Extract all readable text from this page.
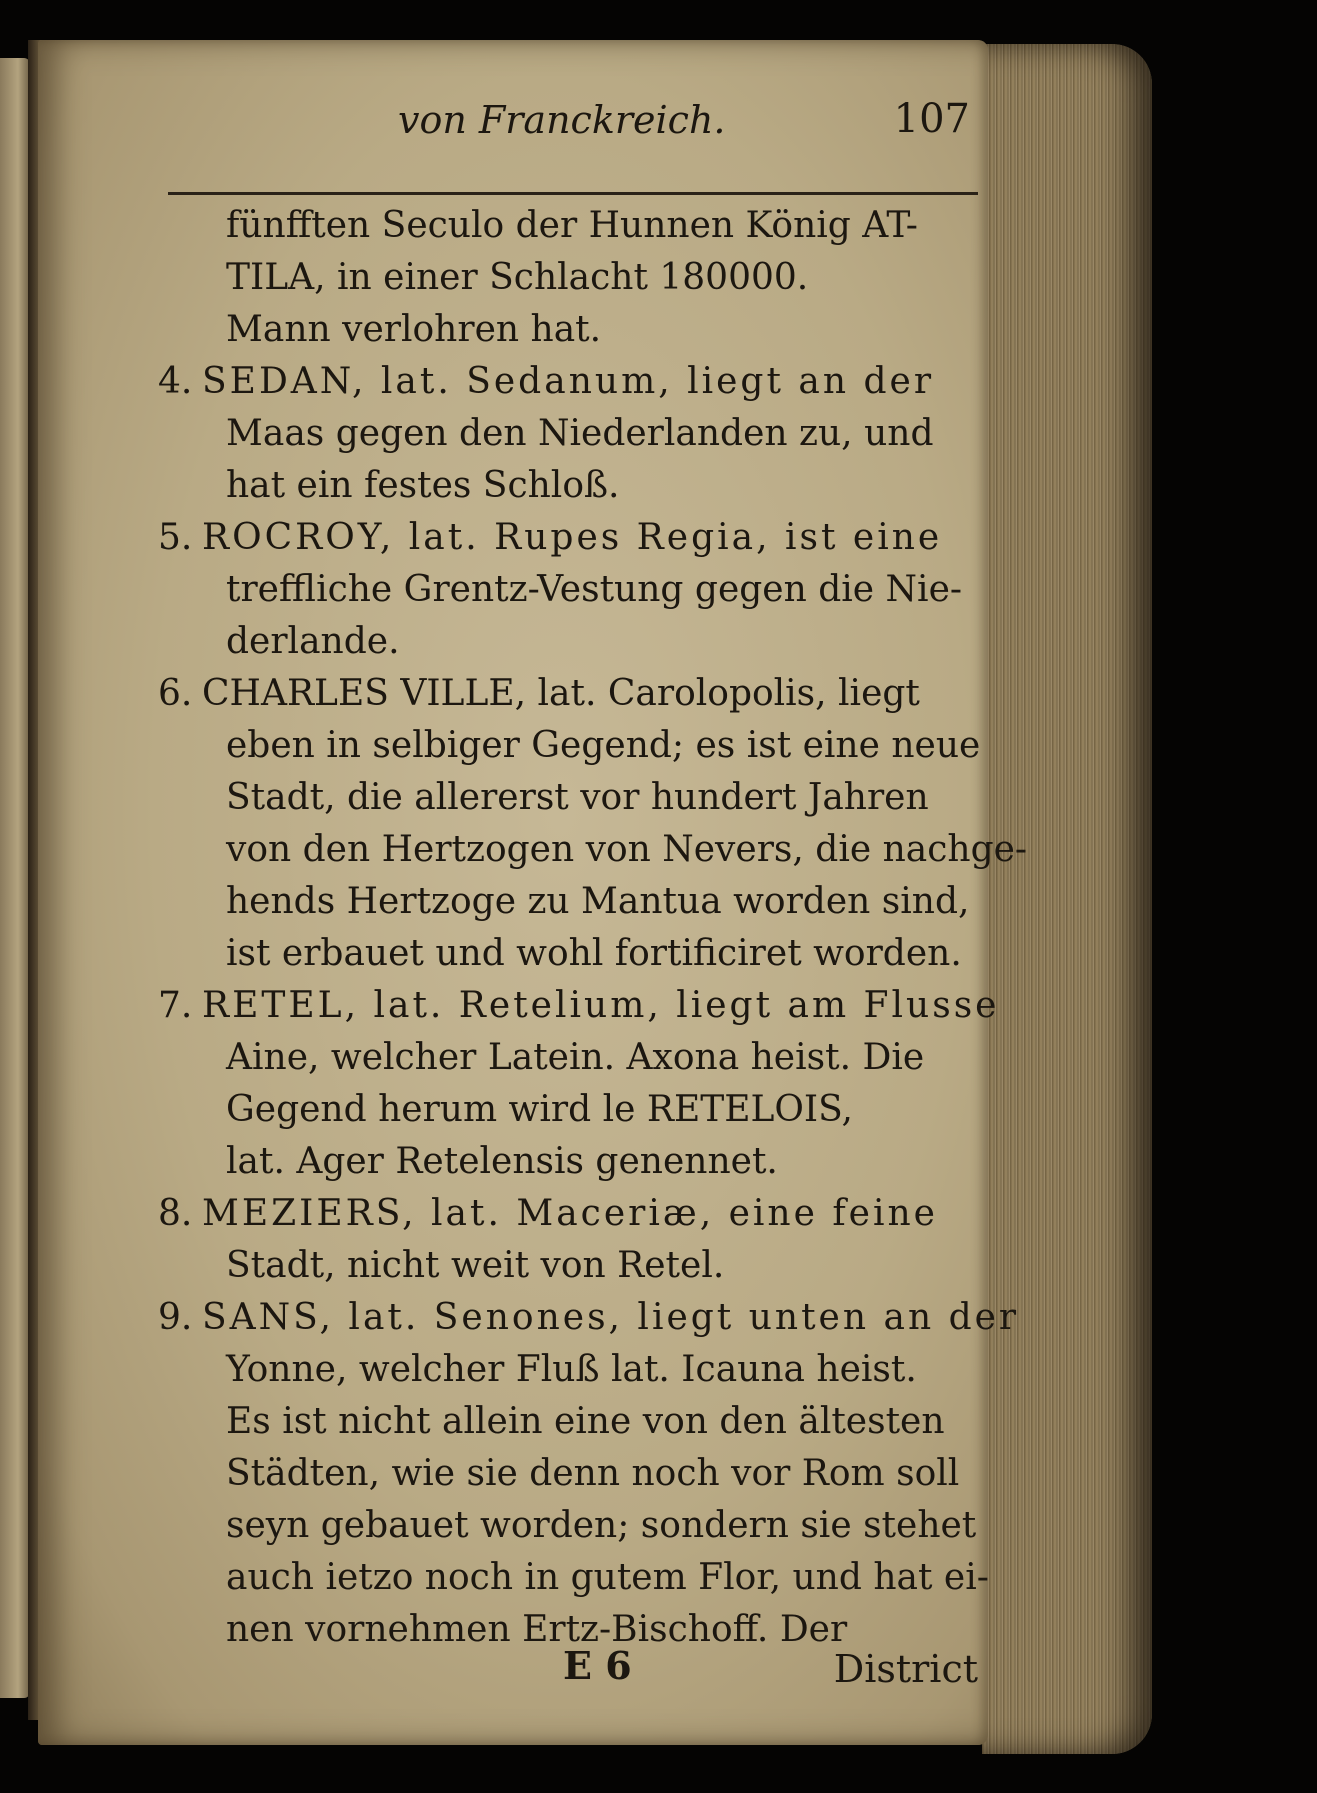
von Franckreich.	107
fünfften Seculo der Hunnen König AT-
TILA, in einer Schlacht 180000.
Mann verlohren hat.
4. SEDAN, lat. Sedanum, liegt an der
Maas gegen den Niederlanden zu, und
hat ein festes Schloß.
5. ROCROY, lat. Rupes Regia, ist eine
treffliche Grentz-Vestung gegen die Nie-
derlande.
6. CHARLES VILLE, lat. Carolopolis, liegt
eben in selbiger Gegend; es ist eine neue
Stadt, die allererst vor hundert Jahren
von den Hertzogen von Nevers, die nachge-
hends Hertzoge zu Mantua worden sind,
ist erbauet und wohl fortificiret worden.
7. RETEL, lat. Retelium, liegt am Flusse
Aine, welcher Latein. Axona heist. Die
Gegend herum wird le RETELOIS,
lat. Ager Retelensis genennet.
8. MEZIERS, lat. Maceriæ, eine feine
Stadt, nicht weit von Retel.
9. SANS, lat. Senones, liegt unten an der
Yonne, welcher Fluß lat. Icauna heist.
Es ist nicht allein eine von den ältesten
Städten, wie sie denn noch vor Rom soll
seyn gebauet worden; sondern sie stehet
auch ietzo noch in gutem Flor, und hat ei-
nen vornehmen Ertz-Bischoff. Der
E 6	District
